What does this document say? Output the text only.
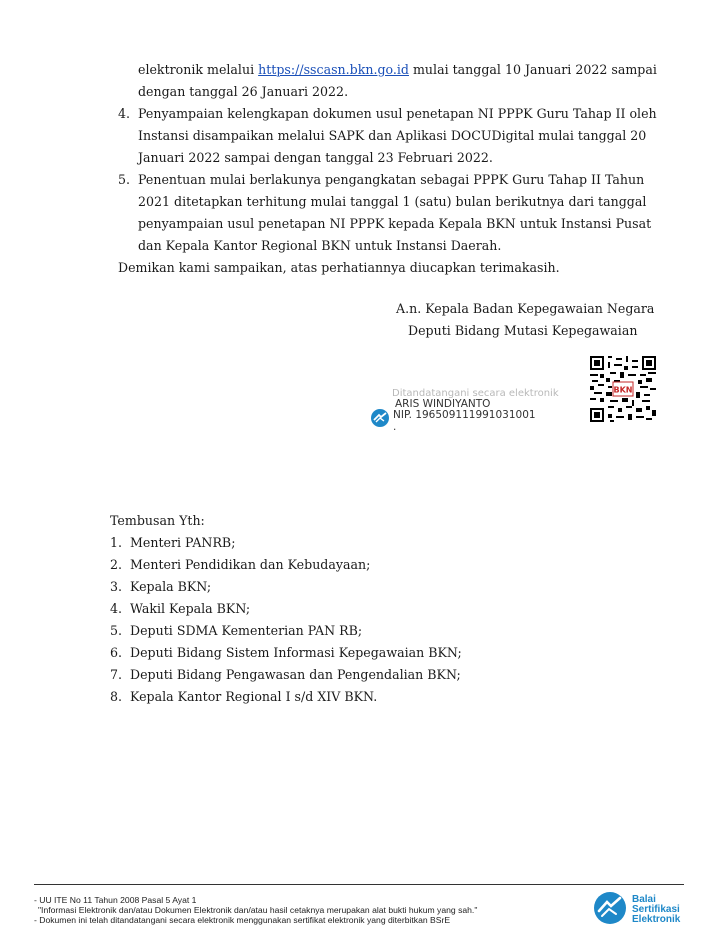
elektronik melalui https://sscasn.bkn.go.id mulai tanggal 10 Januari 2022 sampai
dengan tanggal 26 Januari 2022.
4. Penyampaian kelengkapan dokumen usul penetapan NI PPPK Guru Tahap II oleh
Instansi disampaikan melalui SAPK dan Aplikasi DOCUDigital mulai tanggal 20
Januari 2022 sampai dengan tanggal 23 Februari 2022.
5. Penentuan mulai berlakunya pengangkatan sebagai PPPK Guru Tahap II Tahun
2021 ditetapkan terhitung mulai tanggal 1 (satu) bulan berikutnya dari tanggal
penyampaian usul penetapan NI PPPK kepada Kepala BKN untuk Instansi Pusat
dan Kepala Kantor Regional BKN untuk Instansi Daerah.
Demikan kami sampaikan, atas perhatiannya diucapkan terimakasih.
A.n. Kepala Badan Kepegawaian Negara
Deputi Bidang Mutasi Kepegawaian
Ditandatangani secara elektronik
ARIS WINDIYANTO
NIP. 196509111991031001
.
BKN
Tembusan Yth:
1. Menteri PANRB;
2. Menteri Pendidikan dan Kebudayaan;
3. Kepala BKN;
4. Wakil Kepala BKN;
5. Deputi SDMA Kementerian PAN RB;
6. Deputi Bidang Sistem Informasi Kepegawaian BKN;
7. Deputi Bidang Pengawasan dan Pengendalian BKN;
8. Kepala Kantor Regional I s/d XIV BKN.
- UU ITE No 11 Tahun 2008 Pasal 5 Ayat 1
"Informasi Elektronik dan/atau Dokumen Elektronik dan/atau hasil cetaknya merupakan alat bukti hukum yang sah."
- Dokumen ini telah ditandatangani secara elektronik menggunakan sertifikat elektronik yang diterbitkan BSrE
Balai
Sertifikasi
Elektronik
